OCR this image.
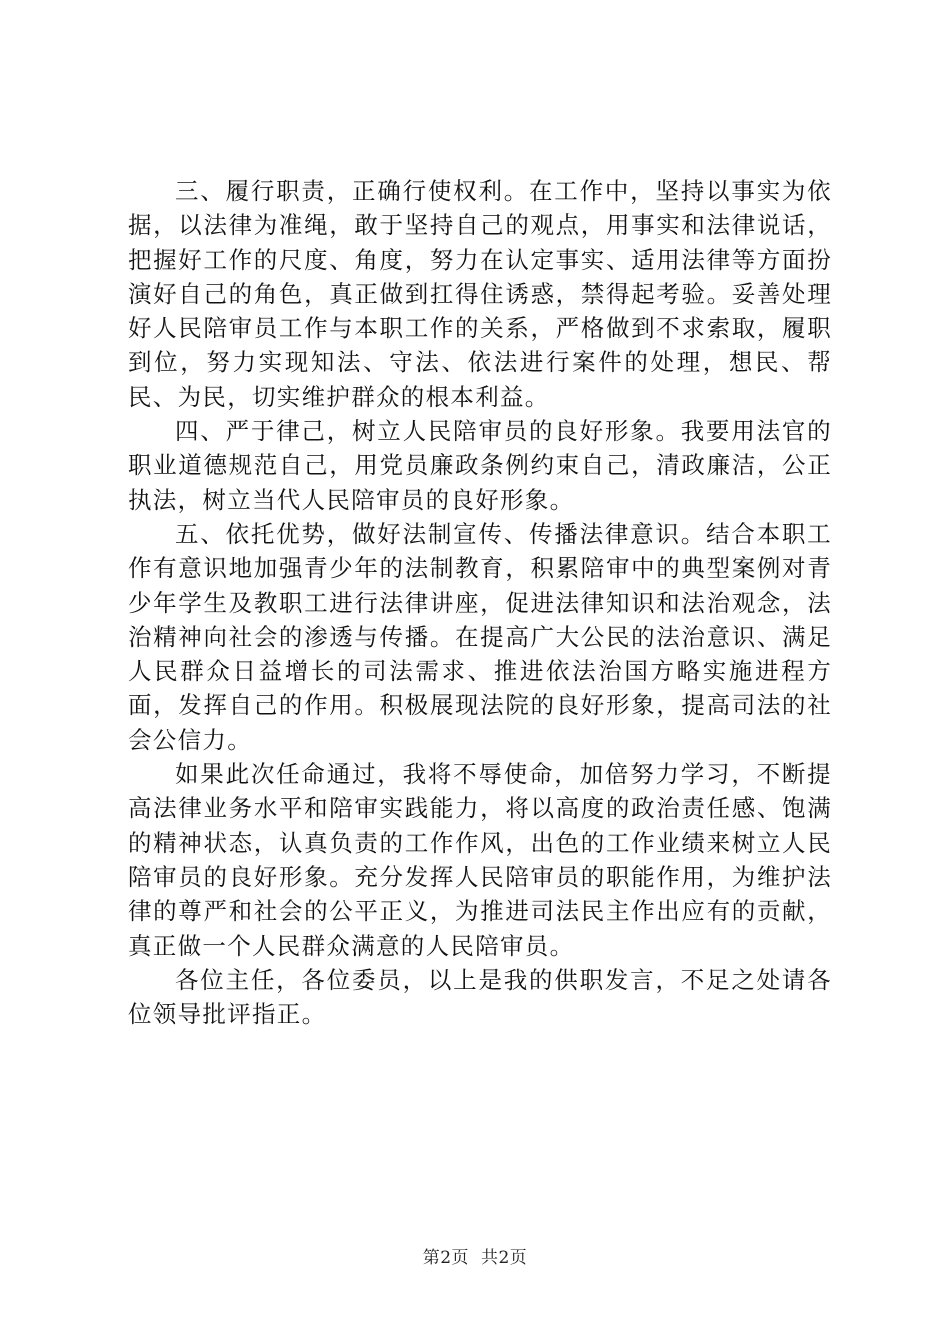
三、履行职责，正确行使权利。在工作中，坚持以事实为依据，以法律为准绳，敢于坚持自己的观点，用事实和法律说话，把握好工作的尺度、角度，努力在认定事实、适用法律等方面扮演好自己的角色，真正做到扛得住诱惑，禁得起考验。妥善处理好人民陪审员工作与本职工作的关系，严格做到不求索取，履职到位，努力实现知法、守法、依法进行案件的处理，想民、帮民、为民，切实维护群众的根本利益。

四、严于律己，树立人民陪审员的良好形象。我要用法官的职业道德规范自己，用党员廉政条例约束自己，清政廉洁，公正执法，树立当代人民陪审员的良好形象。

五、依托优势，做好法制宣传、传播法律意识。结合本职工作有意识地加强青少年的法制教育，积累陪审中的典型案例对青少年学生及教职工进行法律讲座，促进法律知识和法治观念，法治精神向社会的渗透与传播。在提高广大公民的法治意识、满足人民群众日益增长的司法需求、推进依法治国方略实施进程方面，发挥自己的作用。积极展现法院的良好形象，提高司法的社会公信力。

如果此次任命通过，我将不辱使命，加倍努力学习，不断提高法律业务水平和陪审实践能力，将以高度的政治责任感、饱满的精神状态，认真负责的工作作风，出色的工作业绩来树立人民陪审员的良好形象。充分发挥人民陪审员的职能作用，为维护法律的尊严和社会的公平正义，为推进司法民主作出应有的贡献，真正做一个人民群众满意的人民陪审员。

各位主任，各位委员，以上是我的供职发言，不足之处请各位领导批评指正。

第2页 共2页
